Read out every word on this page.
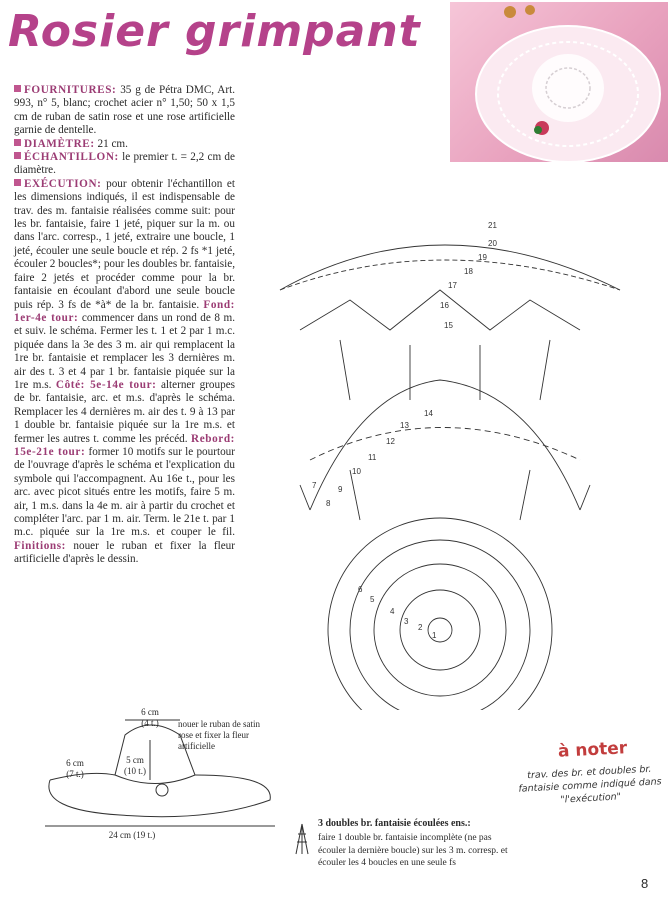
Rosier grimpant

FOURNITURES: 35 g de Pétra DMC, Art. 993, n° 5, blanc; crochet acier n° 1,50; 50 x 1,5 cm de ruban de satin rose et une rose artificielle garnie de dentelle.

DIAMÈTRE: 21 cm.

ÉCHANTILLON: le premier t. = 2,2 cm de diamètre.

EXÉCUTION: pour obtenir l'échantillon et les dimensions indiqués, il est indispensable de trav. des m. fantaisie réalisées comme suit: pour les br. fantaisie, faire 1 jeté, piquer sur la m. ou dans l'arc. corresp., 1 jeté, extraire une boucle, 1 jeté, écouler une seule boucle et rép. 2 fs *1 jeté, écouler 2 boucles*; pour les doubles br. fantaisie, faire 2 jetés et procéder comme pour la br. fantaisie en écoulant d'abord une seule boucle puis rép. 3 fs de *à* de la br. fantaisie. Fond: 1er-4e tour: commencer dans un rond de 8 m. et suiv. le schéma. Fermer les t. 1 et 2 par 1 m.c. piquée dans la 3e des 3 m. air qui remplacent la 1re br. fantaisie et remplacer les 3 dernières m. air des t. 3 et 4 par 1 br. fantaisie piquée sur la 1re m.s. Côté: 5e-14e tour: alterner groupes de br. fantaisie, arc. et m.s. d'après le schéma. Remplacer les 4 dernières m. air des t. 9 à 13 par 1 double br. fantaisie piquée sur la 1re m.s. et fermer les autres t. comme les précéd. Rebord: 15e-21e tour: former 10 motifs sur le pourtour de l'ouvrage d'après le schéma et l'explication du symbole qui l'accompagnent. Au 16e t., pour les arc. avec picot situés entre les motifs, faire 5 m. air, 1 m.s. dans la 4e m. air à partir du crochet et compléter l'arc. par 1 m. air. Term. le 21e t. par 1 m.c. piquée sur la 1re m.s. et couper le fil. Finitions: nouer le ruban et fixer la fleur artificielle d'après le dessin.

21
20
19
18
17
16
15
14
13
12
11
10
9
8
7
6
5
4
3
2
1
6 cm
(4 t.)
5 cm
(10 t.)
6 cm
(7 t.)
24 cm (19 t.)
nouer le ruban de satin rose et fixer la fleur artificielle	à noter
trav. des br. et doubles br. fantaisie comme indiqué dans "l'exécution"
3 doubles br. fantaisie écoulées ens.:
faire 1 double br. fantaisie incomplète (ne pas écouler la dernière boucle) sur les 3 m. corresp. et écouler les 4 boucles en une seule fs
8
